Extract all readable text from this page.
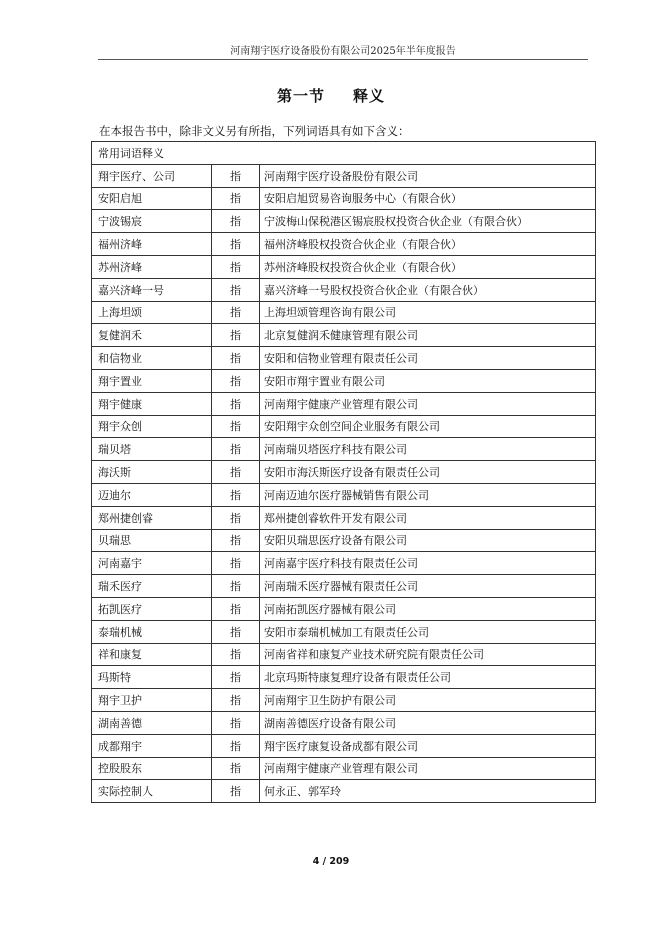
河南翔宇医疗设备股份有限公司2025年半年度报告
第一节 释义
在本报告书中，除非文义另有所指，下列词语具有如下含义：
常用词语释义		
翔宇医疗、公司	指	河南翔宇医疗设备股份有限公司
安阳启旭	指	安阳启旭贸易咨询服务中心（有限合伙）
宁波锡宸	指	宁波梅山保税港区锡宸股权投资合伙企业（有限合伙）
福州济峰	指	福州济峰股权投资合伙企业（有限合伙）
苏州济峰	指	苏州济峰股权投资合伙企业（有限合伙）
嘉兴济峰一号	指	嘉兴济峰一号股权投资合伙企业（有限合伙）
上海坦颂	指	上海坦颂管理咨询有限公司
复健润禾	指	北京复健润禾健康管理有限公司
和信物业	指	安阳和信物业管理有限责任公司
翔宇置业	指	安阳市翔宇置业有限公司
翔宇健康	指	河南翔宇健康产业管理有限公司
翔宇众创	指	安阳翔宇众创空间企业服务有限公司
瑞贝塔	指	河南瑞贝塔医疗科技有限公司
海沃斯	指	安阳市海沃斯医疗设备有限责任公司
迈迪尔	指	河南迈迪尔医疗器械销售有限公司
郑州捷创睿	指	郑州捷创睿软件开发有限公司
贝瑞思	指	安阳贝瑞思医疗设备有限公司
河南嘉宇	指	河南嘉宇医疗科技有限责任公司
瑞禾医疗	指	河南瑞禾医疗器械有限责任公司
拓凯医疗	指	河南拓凯医疗器械有限公司
泰瑞机械	指	安阳市泰瑞机械加工有限责任公司
祥和康复	指	河南省祥和康复产业技术研究院有限责任公司
玛斯特	指	北京玛斯特康复理疗设备有限责任公司
翔宇卫护	指	河南翔宇卫生防护有限公司
湖南善德	指	湖南善德医疗设备有限公司
成都翔宇	指	翔宇医疗康复设备成都有限公司
控股股东	指	河南翔宇健康产业管理有限公司
实际控制人	指	何永正、郭军玲
4 / 209
